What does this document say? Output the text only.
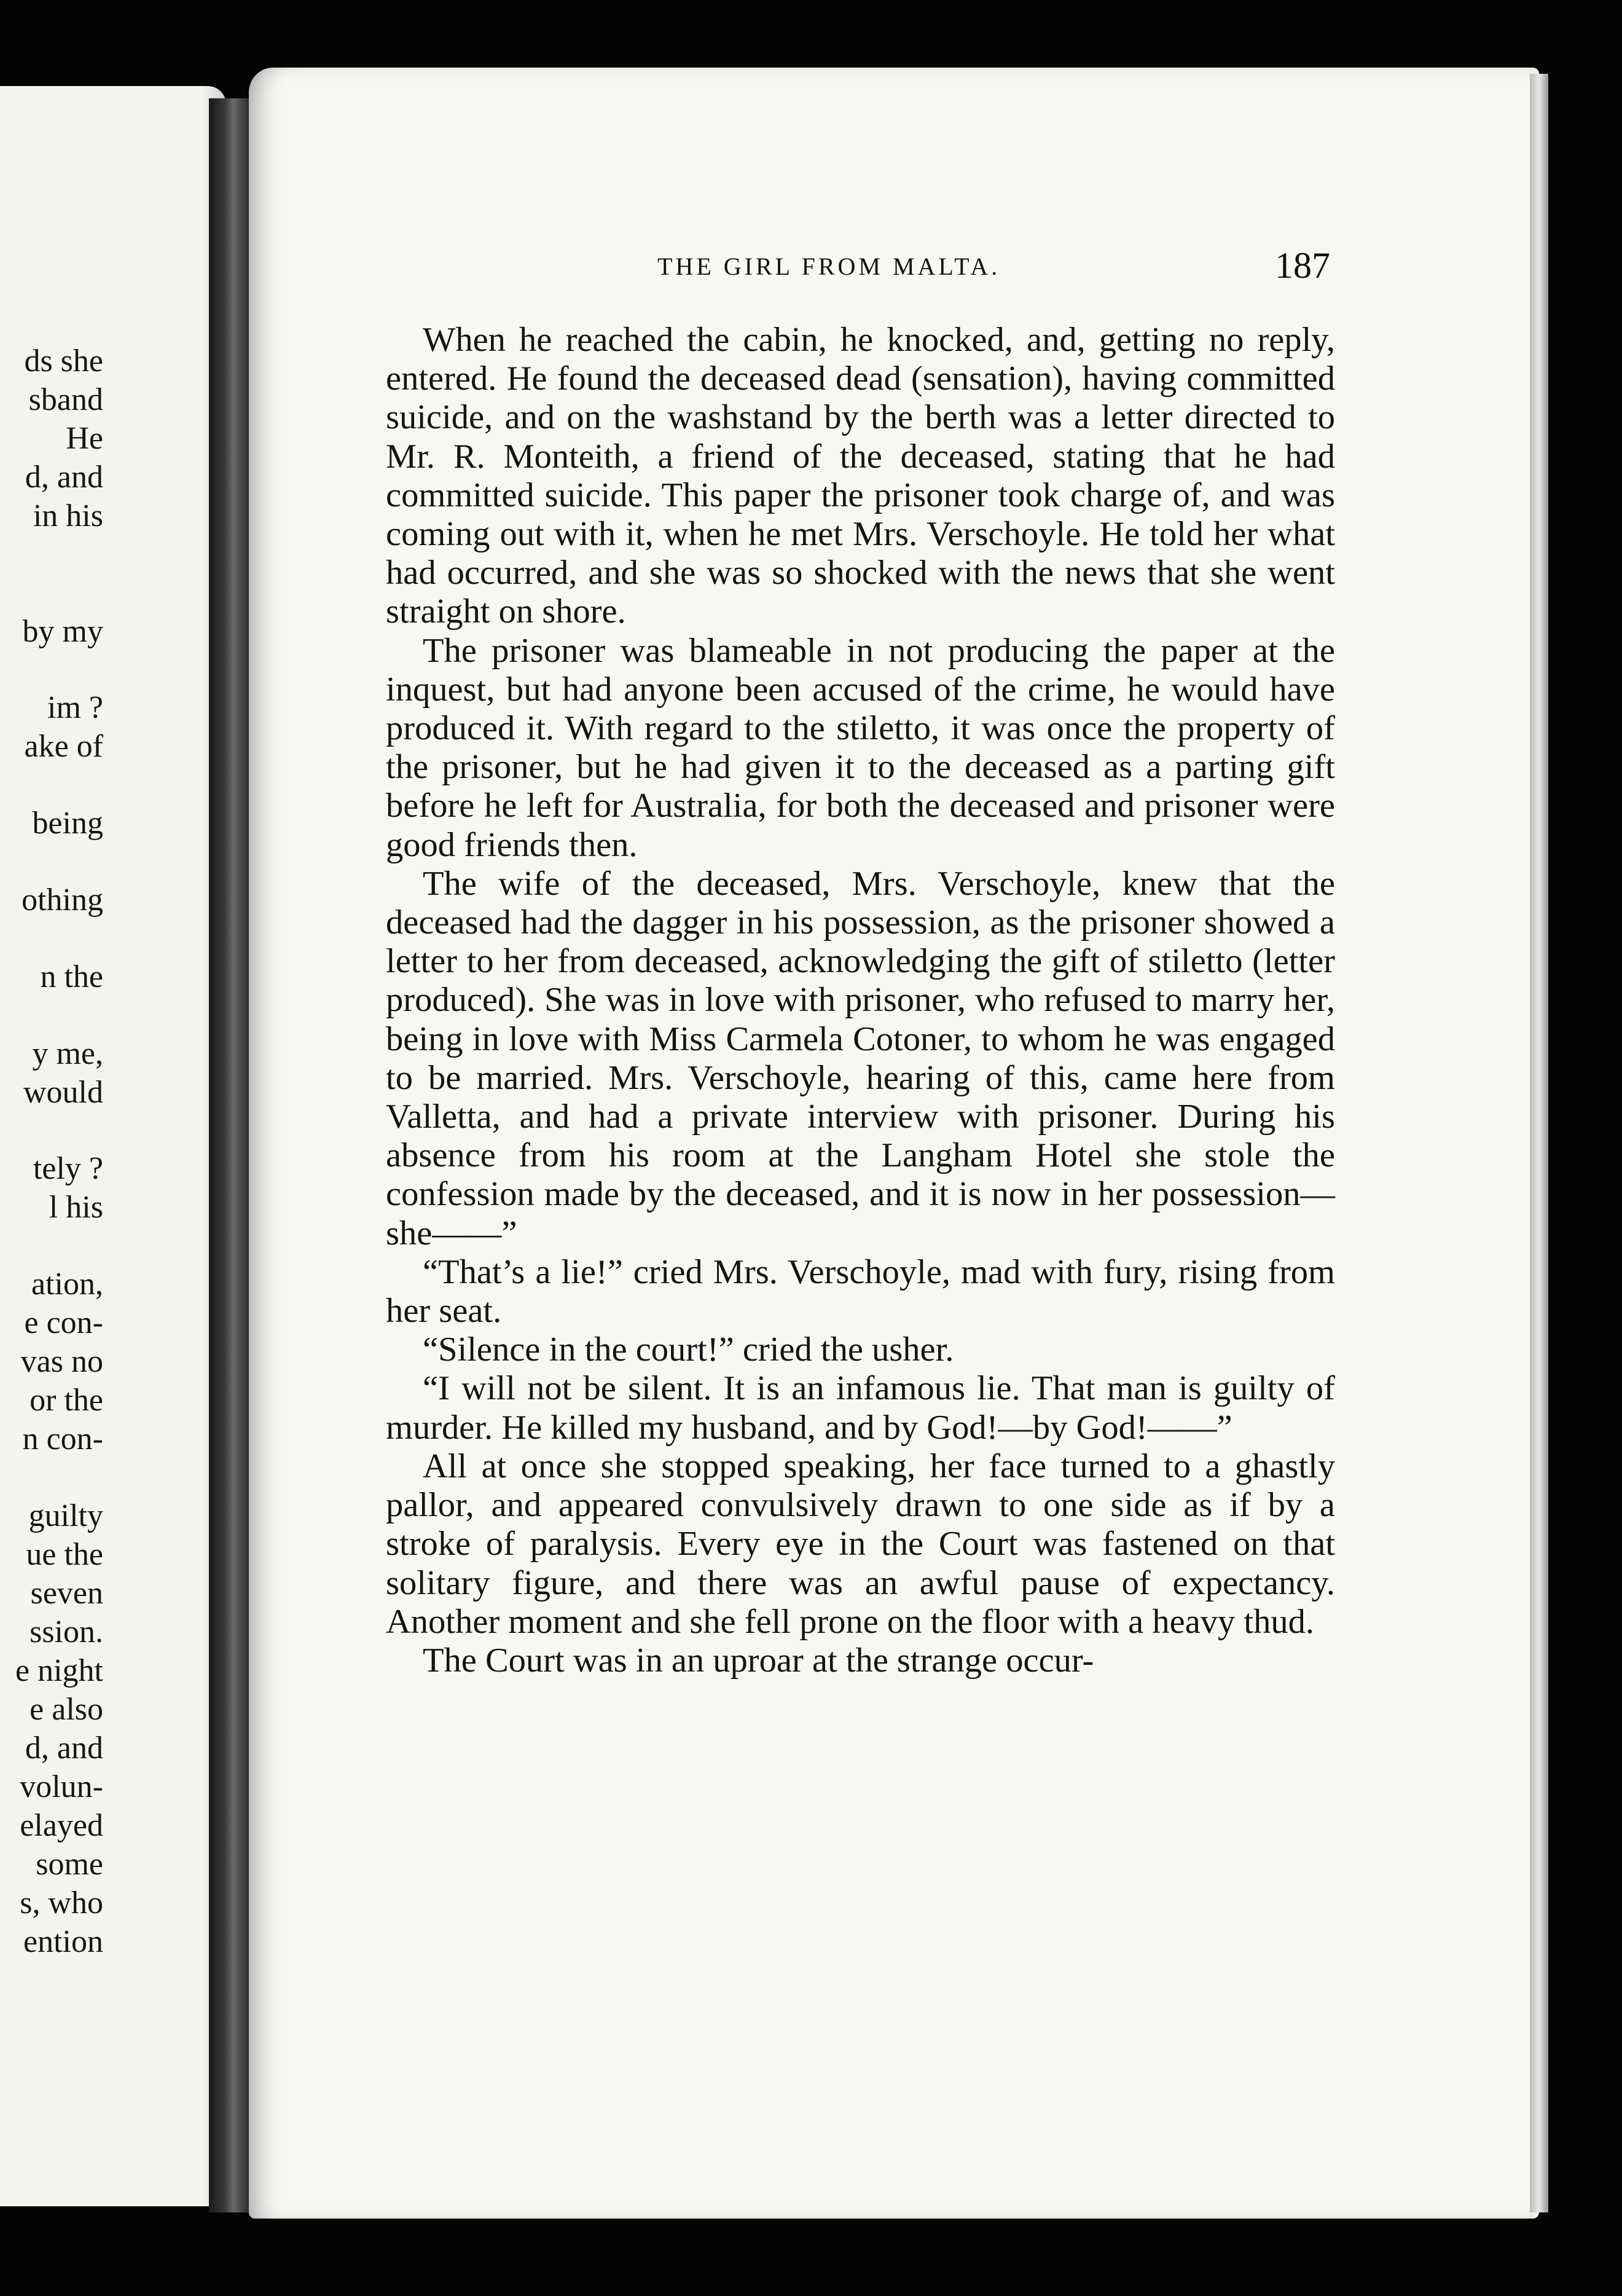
ds she
sband
He
d, and
in his
by my
im ?
ake of
being
othing
n the
y me,
would
tely ?
l his
ation,
e con-
vas no
or the
n con-
guilty
ue the
seven
ssion.
e night
e also
d, and
volun-
elayed
some
s, who
ention
THE GIRL FROM MALTA.	187

When he reached the cabin, he knocked, and, getting no reply, entered. He found the deceased dead (sensation), having committed suicide, and on the washstand by the berth was a letter directed to Mr. R. Monteith, a friend of the deceased, stating that he had committed suicide. This paper the prisoner took charge of, and was coming out with it, when he met Mrs. Verschoyle. He told her what had occurred, and she was so shocked with the news that she went straight on shore.

The prisoner was blameable in not producing the paper at the inquest, but had anyone been accused of the crime, he would have produced it. With regard to the stiletto, it was once the property of the prisoner, but he had given it to the deceased as a parting gift before he left for Australia, for both the deceased and prisoner were good friends then.

The wife of the deceased, Mrs. Verschoyle, knew that the deceased had the dagger in his possession, as the prisoner showed a letter to her from deceased, acknowledging the gift of stiletto (letter produced). She was in love with prisoner, who refused to marry her, being in love with Miss Carmela Cotoner, to whom he was engaged to be married. Mrs. Verschoyle, hearing of this, came here from Valletta, and had a private interview with prisoner. During his absence from his room at the Langham Hotel she stole the confession made by the deceased, and it is now in her possession—she——”

“That’s a lie!” cried Mrs. Verschoyle, mad with fury, rising from her seat.

“Silence in the court!” cried the usher.

“I will not be silent. It is an infamous lie. That man is guilty of murder. He killed my husband, and by God!—by God!——”

All at once she stopped speaking, her face turned to a ghastly pallor, and appeared convulsively drawn to one side as if by a stroke of paralysis. Every eye in the Court was fastened on that solitary figure, and there was an awful pause of expectancy. Another moment and she fell prone on the floor with a heavy thud.

The Court was in an uproar at the strange occur-
